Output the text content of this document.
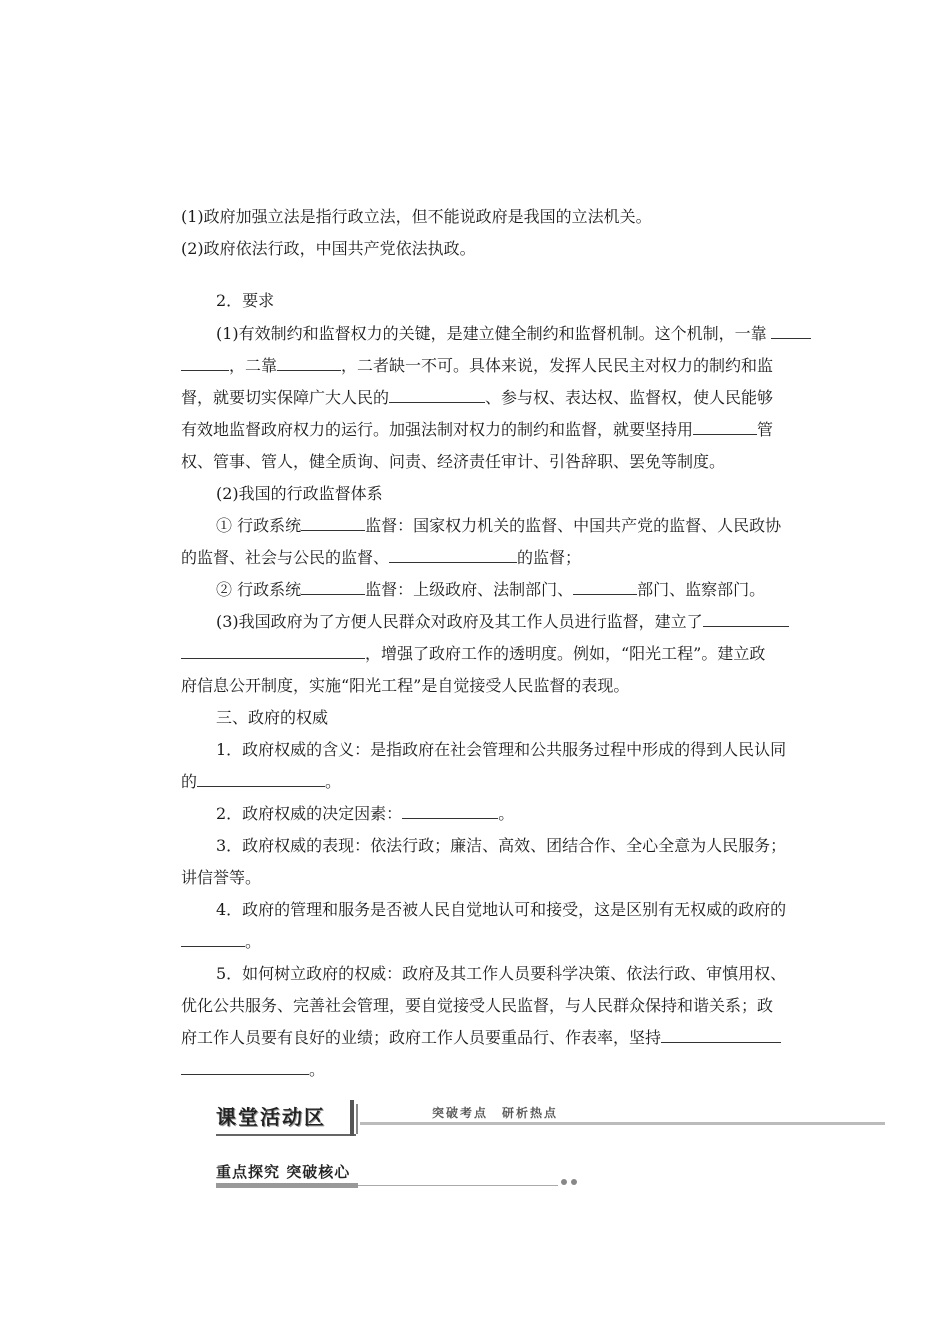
(1)政府加强立法是指行政立法，但不能说政府是我国的立法机关。
(2)政府依法行政，中国共产党依法执政。
2．要求
(1)有效制约和监督权力的关键，是建立健全制约和监督机制。这个机制，一靠
，二靠	，二者缺一不可。具体来说，发挥人民民主对权力的制约和监
督，就要切实保障广大人民的	、参与权、表达权、监督权，使人民能够
有效地监督政府权力的运行。加强法制对权力的制约和监督，就要坚持用	管
权、管事、管人，健全质询、问责、经济责任审计、引咎辞职、罢免等制度。
(2)我国的行政监督体系
① 行政系统	监督：国家权力机关的监督、中国共产党的监督、人民政协
的监督、社会与公民的监督、	的监督；
② 行政系统	监督：上级政府、法制部门、	部门、监察部门。
(3)我国政府为了方便人民群众对政府及其工作人员进行监督，建立了
，增强了政府工作的透明度。例如，“阳光工程”。建立政
府信息公开制度，实施“阳光工程”是自觉接受人民监督的表现。
三、政府的权威
1．政府权威的含义：是指政府在社会管理和公共服务过程中形成的得到人民认同
的	。
2．政府权威的决定因素：	。
3．政府权威的表现：依法行政；廉洁、高效、团结合作、全心全意为人民服务；
讲信誉等。
4．政府的管理和服务是否被人民自觉地认可和接受，这是区别有无权威的政府的
。
5．如何树立政府的权威：政府及其工作人员要科学决策、依法行政、审慎用权、
优化公共服务、完善社会管理，要自觉接受人民监督，与人民群众保持和谐关系；政
府工作人员要有良好的业绩；政府工作人员要重品行、作表率，坚持
。
课堂活动区	突破考点　研析热点
重点探究 突破核心
